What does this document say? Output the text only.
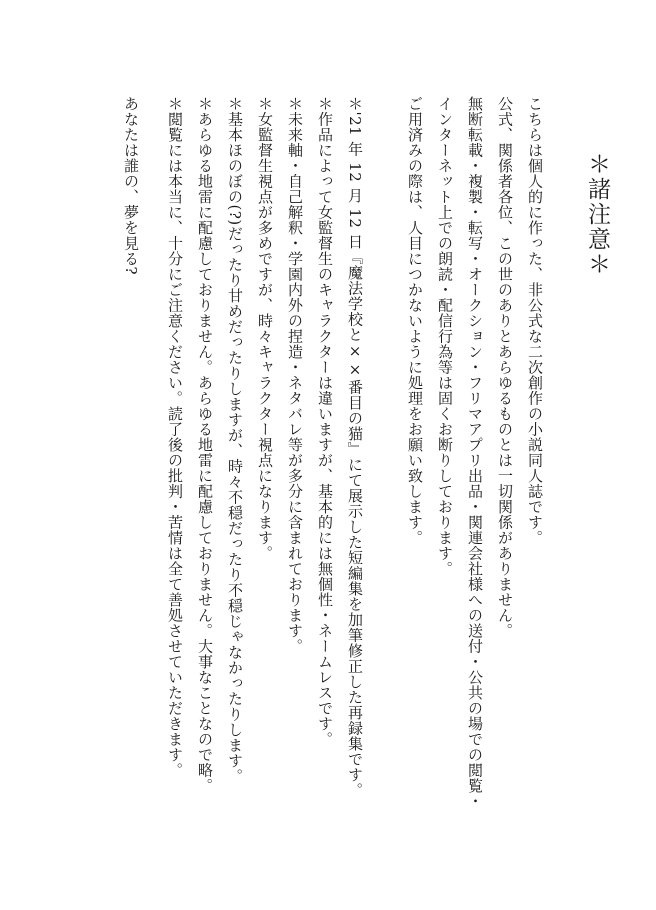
＊諸注意＊
こちらは個人的に作った、非公式な二次創作の小説同人誌です。
公式、関係者各位、この世のありとあらゆるものとは一切関係がありません。
無断転載・複製・転写・オークション・フリマアプリ出品・関連会社様への送付・公共の場での閲覧・
インターネット上での朗読・配信行為等は固くお断りしております。
ご用済みの際は、人目につかないように処理をお願い致します。
＊'21 年 12 月 12 日『魔法学校と××番目の猫』にて展示した短編集を加筆修正した再録集です。
＊作品によって女監督生のキャラクターは違いますが、基本的には無個性・ネームレスです。
＊未来軸・自己解釈・学園内外の捏造・ネタバレ等が多分に含まれております。
＊女監督生視点が多めですが、時々キャラクター視点になります。
＊基本ほのぼの(?)だったり甘めだったりしますが、時々不穏だったり不穏じゃなかったりします。
＊あらゆる地雷に配慮しておりません。あらゆる地雷に配慮しておりません。大事なことなので略。
＊閲覧には本当に、十分にご注意ください。読了後の批判・苦情は全て善処させていただきます。
あなたは誰の、夢を見る?
